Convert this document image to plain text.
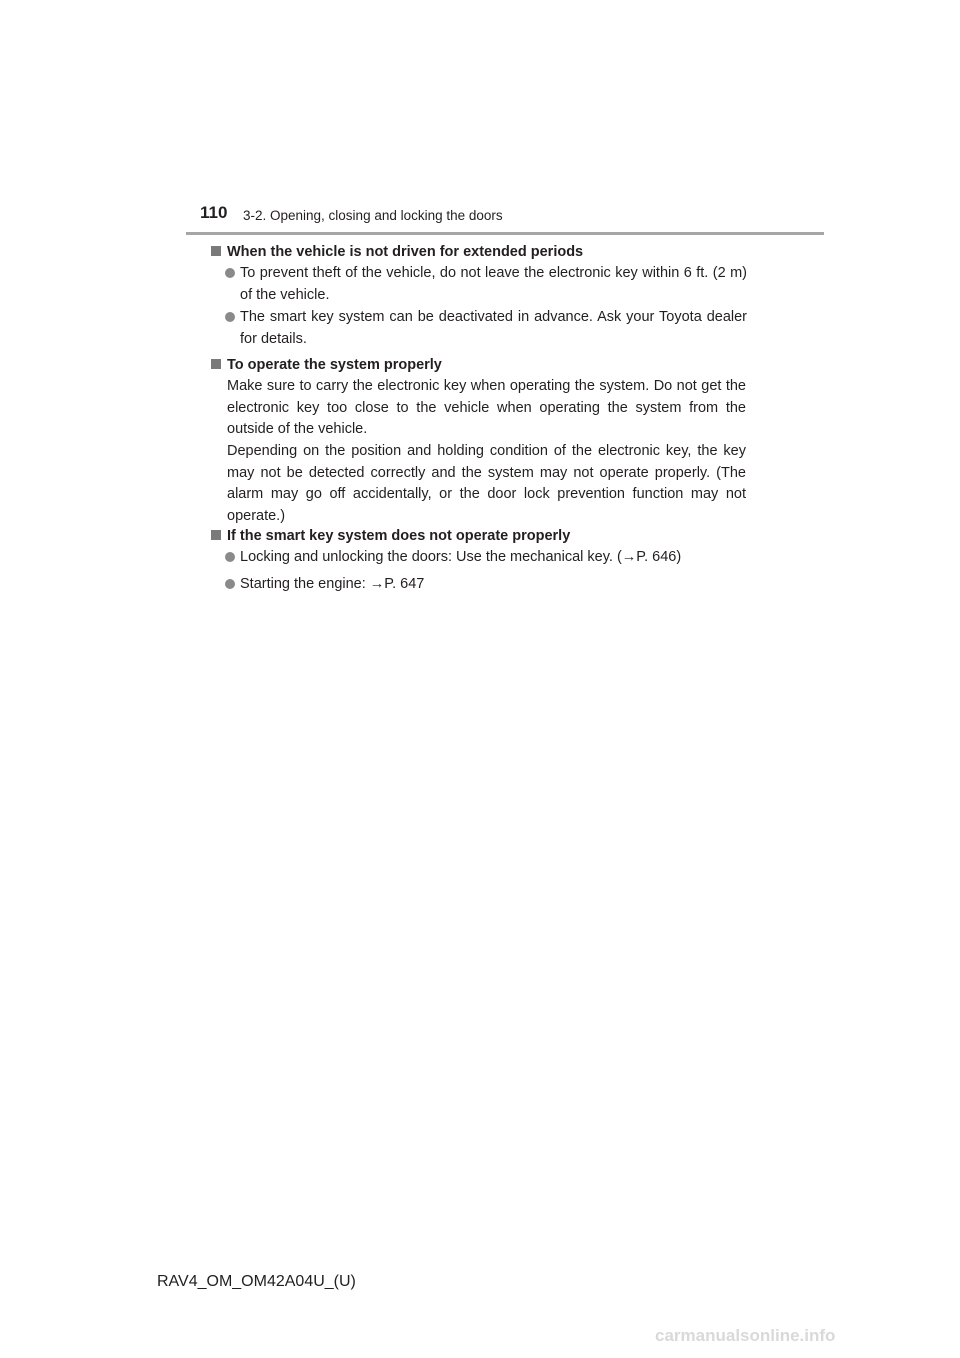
110 3-2. Opening, closing and locking the doors
When the vehicle is not driven for extended periods
To prevent theft of the vehicle, do not leave the electronic key within 6 ft. (2 m) of the vehicle.
The smart key system can be deactivated in advance. Ask your Toyota dealer for details.
To operate the system properly
Make sure to carry the electronic key when operating the system. Do not get the electronic key too close to the vehicle when operating the system from the outside of the vehicle.
Depending on the position and holding condition of the electronic key, the key may not be detected correctly and the system may not operate properly. (The alarm may go off accidentally, or the door lock prevention function may not operate.)
If the smart key system does not operate properly
Locking and unlocking the doors: Use the mechanical key. (→P. 646)
Starting the engine: →P. 647
RAV4_OM_OM42A04U_(U)
carmanualsonline.info
